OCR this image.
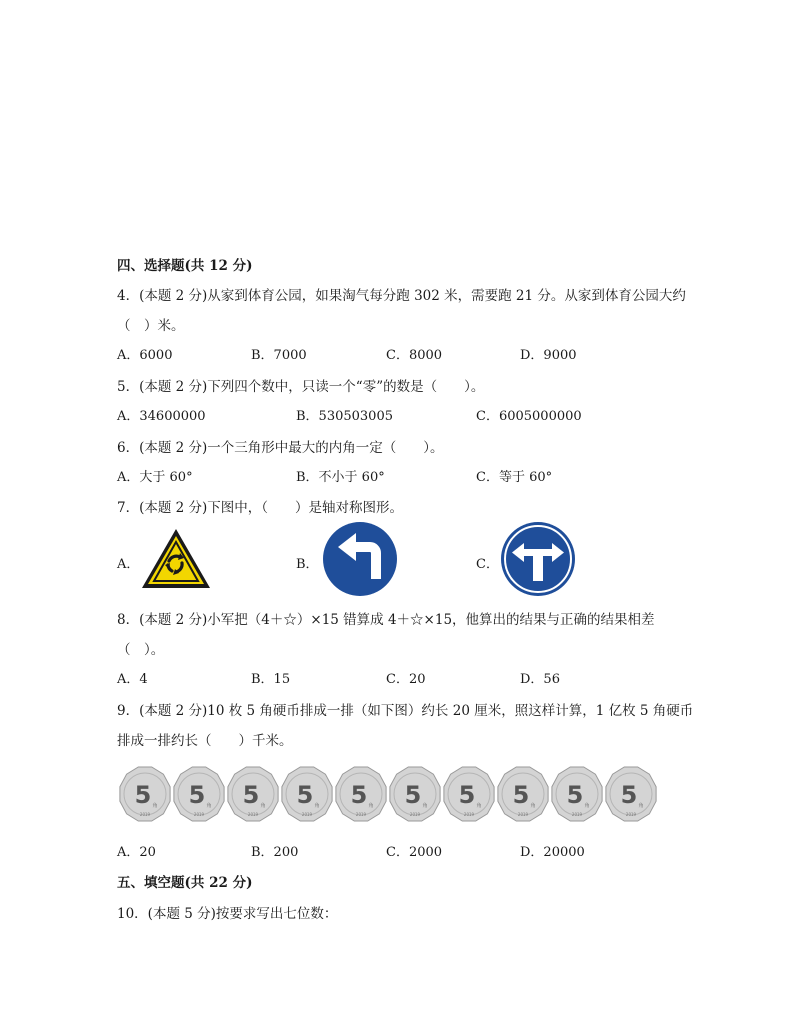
四、选择题(共 12 分)
4．(本题 2 分)从家到体育公园，如果淘气每分跑 302 米，需要跑 21 分。从家到体育公园大约
（　）米。
A．6000	B．7000	C．8000	D．9000
5．(本题 2 分)下列四个数中，只读一个“零”的数是（　　）。
A．34600000	B．530503005	C．6005000000
6．(本题 2 分)一个三角形中最大的内角一定（　　）。
A．大于 60°	B．不小于 60°	C．等于 60°
7．(本题 2 分)下图中，（　　）是轴对称图形。
A．	B．	C．
8．(本题 2 分)小军把（4＋☆）×15 错算成 4＋☆×15，他算出的结果与正确的结果相差
（　）。
A．4	B．15	C．20	D．56
9．(本题 2 分)10 枚 5 角硬币排成一排（如下图）约长 20 厘米，照这样计算，1 亿枚 5 角硬币
排成一排约长（　　）千米。
5 角
2019
5 角
2019
5 角
2019
5 角
2019
5 角
2019
5 角
2019
5 角
2019
5 角
2019
5 角
2019
5 角
2019
A．20	B．200	C．2000	D．20000
五、填空题(共 22 分)
10．(本题 5 分)按要求写出七位数：
